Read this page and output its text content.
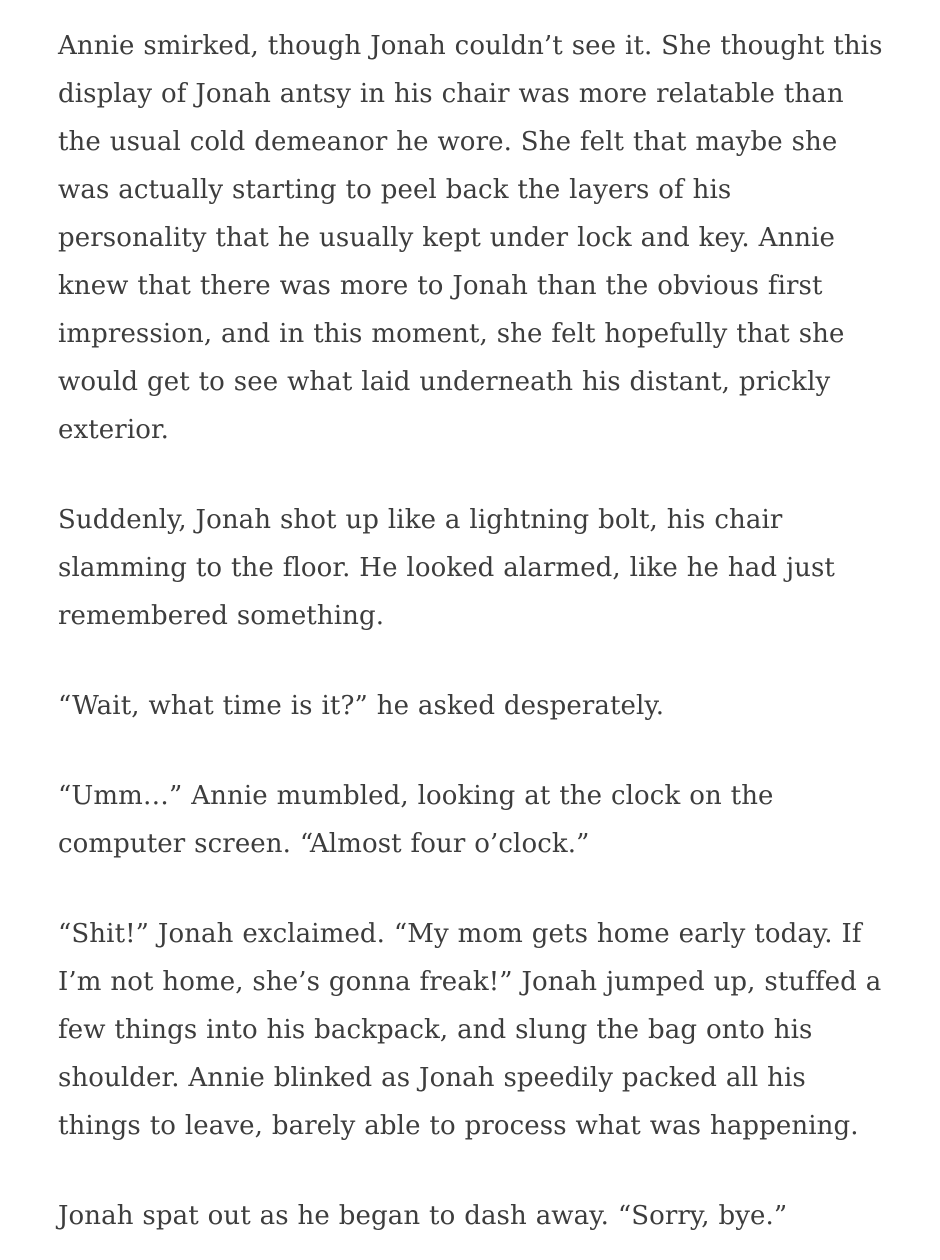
Annie smirked, though Jonah couldn’t see it. She thought this display of Jonah antsy in his chair was more relatable than the usual cold demeanor he wore. She felt that maybe she was actually starting to peel back the layers of his personality that he usually kept under lock and key. Annie knew that there was more to Jonah than the obvious first impression, and in this moment, she felt hopefully that she would get to see what laid underneath his distant, prickly exterior.

Suddenly, Jonah shot up like a lightning bolt, his chair slamming to the floor. He looked alarmed, like he had just remembered something.

“Wait, what time is it?” he asked desperately.

“Umm…” Annie mumbled, looking at the clock on the computer screen. “Almost four o’clock.”

“Shit!” Jonah exclaimed. “My mom gets home early today. If I’m not home, she’s gonna freak!” Jonah jumped up, stuffed a few things into his backpack, and slung the bag onto his shoulder. Annie blinked as Jonah speedily packed all his things to leave, barely able to process what was happening.

Jonah spat out as he began to dash away. “Sorry, bye.”
